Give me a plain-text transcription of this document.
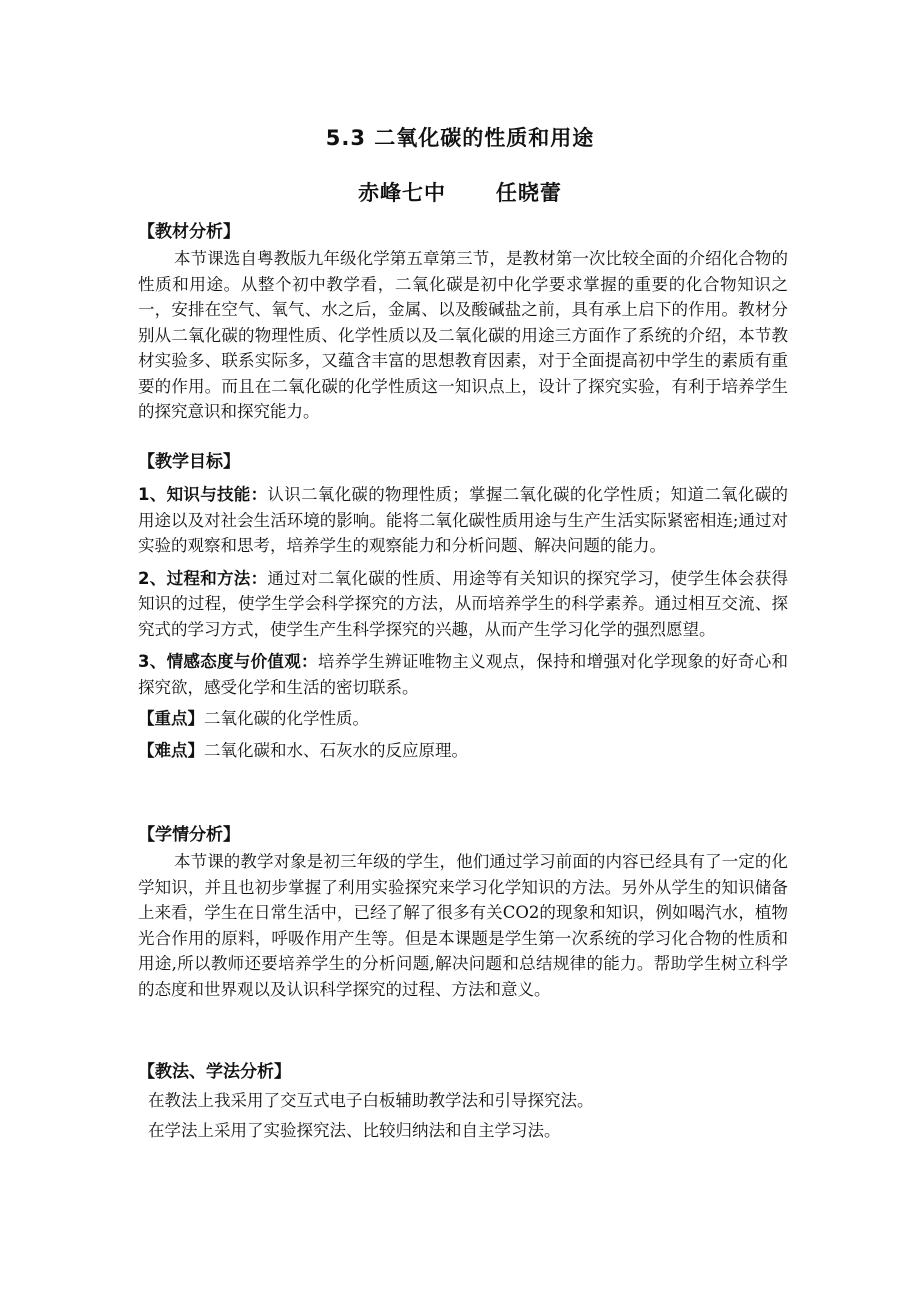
5.3 二氧化碳的性质和用途
赤峰七中      任晓蕾
【教材分析】
本节课选自粤教版九年级化学第五章第三节，是教材第一次比较全面的介绍化合物的性质和用途。从整个初中教学看，二氧化碳是初中化学要求掌握的重要的化合物知识之一，安排在空气、氧气、水之后，金属、以及酸碱盐之前，具有承上启下的作用。教材分别从二氧化碳的物理性质、化学性质以及二氧化碳的用途三方面作了系统的介绍，本节教材实验多、联系实际多，又蕴含丰富的思想教育因素，对于全面提高初中学生的素质有重要的作用。而且在二氧化碳的化学性质这一知识点上，设计了探究实验，有利于培养学生的探究意识和探究能力。
【教学目标】
1、知识与技能：认识二氧化碳的物理性质；掌握二氧化碳的化学性质；知道二氧化碳的用途以及对社会生活环境的影响。能将二氧化碳性质用途与生产生活实际紧密相连;通过对实验的观察和思考，培养学生的观察能力和分析问题、解决问题的能力。
2、过程和方法：通过对二氧化碳的性质、用途等有关知识的探究学习，使学生体会获得知识的过程，使学生学会科学探究的方法，从而培养学生的科学素养。通过相互交流、探究式的学习方式，使学生产生科学探究的兴趣，从而产生学习化学的强烈愿望。
3、情感态度与价值观：培养学生辨证唯物主义观点，保持和增强对化学现象的好奇心和探究欲，感受化学和生活的密切联系。
【重点】二氧化碳的化学性质。
【难点】二氧化碳和水、石灰水的反应原理。
【学情分析】
本节课的教学对象是初三年级的学生，他们通过学习前面的内容已经具有了一定的化学知识，并且也初步掌握了利用实验探究来学习化学知识的方法。另外从学生的知识储备上来看，学生在日常生活中，已经了解了很多有关CO2的现象和知识，例如喝汽水，植物光合作用的原料，呼吸作用产生等。但是本课题是学生第一次系统的学习化合物的性质和用途,所以教师还要培养学生的分析问题,解决问题和总结规律的能力。帮助学生树立科学的态度和世界观以及认识科学探究的过程、方法和意义。
【教法、学法分析】
在教法上我采用了交互式电子白板辅助教学法和引导探究法。
在学法上采用了实验探究法、比较归纳法和自主学习法。
